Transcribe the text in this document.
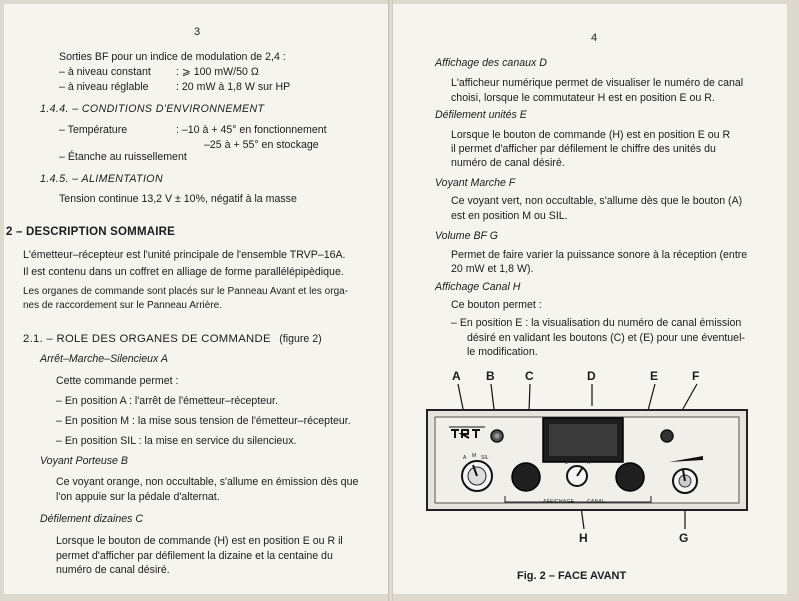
3
Sorties BF pour un indice de modulation de 2,4 :
– à niveau constant : ⩾ 100 mW/50 Ω
– à niveau réglable	: 20 mW à 1,8 W sur HP
1.4.4. – CONDITIONS D'ENVIRONNEMENT
– Température	: –10 à + 45° en fonctionnement
–25 à + 55° en stockage
– Étanche au ruissellement
1.4.5. – ALIMENTATION
Tension continue 13,2 V ± 10%, négatif à la masse
2 – DESCRIPTION SOMMAIRE
L'émetteur–récepteur est l'unité principale de l'ensemble TRVP–16A.
Il est contenu dans un coffret en alliage de forme parallélépipèdique.
Les organes de commande sont placés sur le Panneau Avant et les orga-
nes de raccordement sur le Panneau Arrière.
2.1. – ROLE DES ORGANES DE COMMANDE (figure 2)
Arrêt–Marche–Silencieux A
Cette commande permet :
– En position A : l'arrêt de l'émetteur–récepteur.
– En position M : la mise sous tension de l'émetteur–récepteur.
– En position SIL : la mise en service du silencieux.
Voyant Porteuse B
Ce voyant orange, non occultable, s'allume en émission dès que
l'on appuie sur la pédale d'alternat.
Défilement dizaines C
Lorsque le bouton de commande (H) est en position E ou R il
permet d'afficher par défilement la dizaine et la centaine du
numéro de canal désiré.
4
Affichage des canaux D
L'afficheur numérique permet de visualiser le numéro de canal
choisi, lorsque le commutateur H est en position E ou R.
Défilement unités E
Lorsque le bouton de commande (H) est en position E ou R
il permet d'afficher par défilement le chiffre des unités du
numéro de canal désiré.
Voyant Marche F
Ce voyant vert, non occultable, s'allume dès que le bouton (A)
est en position M ou SIL.
Volume BF G
Permet de faire varier la puissance sonore à la réception (entre
20 mW et 1,8 W).
Affichage Canal H
Ce bouton permet :
– En position E : la visualisation du numéro de canal émission
désiré en validant les boutons (C) et (E) pour une éventuel-
le modification.
A B	C	D	E	F
H	G
A M SIL
E	R
AFFICHAGE	CANAL
Fig. 2 – FACE AVANT
